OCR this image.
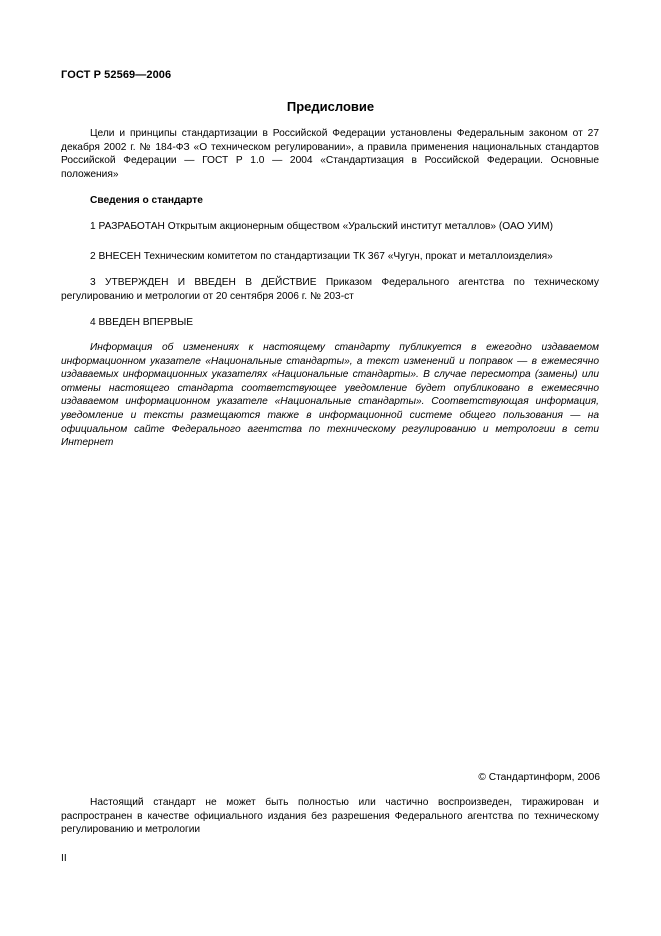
ГОСТ Р 52569—2006
Предисловие

Цели и принципы стандартизации в Российской Федерации установлены Федеральным законом от 27 декабря 2002 г. № 184-ФЗ «О техническом регулировании», а правила применения национальных стандартов Российской Федерации — ГОСТ Р 1.0 — 2004 «Стандартизация в Российской Федерации. Основные положения»

Сведения о стандарте

1 РАЗРАБОТАН Открытым акционерным обществом «Уральский институт металлов» (ОАО УИМ)

2 ВНЕСЕН Техническим комитетом по стандартизации ТК 367 «Чугун, прокат и металлоизделия»

3 УТВЕРЖДЕН И ВВЕДЕН В ДЕЙСТВИЕ Приказом Федерального агентства по техническому регулированию и метрологии от 20 сентября 2006 г. № 203-ст

4 ВВЕДЕН ВПЕРВЫЕ

Информация об изменениях к настоящему стандарту публикуется в ежегодно издаваемом информационном указателе «Национальные стандарты», а текст изменений и поправок — в ежемесячно издаваемых информационных указателях «Национальные стандарты». В случае пересмотра (замены) или отмены настоящего стандарта соответствующее уведомление будет опубликовано в ежемесячно издаваемом информационном указателе «Национальные стандарты». Соответствующая информация, уведомление и тексты размещаются также в информационной системе общего пользования — на официальном сайте Федерального агентства по техническому регулированию и метрологии в сети Интернет

© Стандартинформ, 2006

Настоящий стандарт не может быть полностью или частично воспроизведен, тиражирован и распространен в качестве официального издания без разрешения Федерального агентства по техническому регулированию и метрологии

II
